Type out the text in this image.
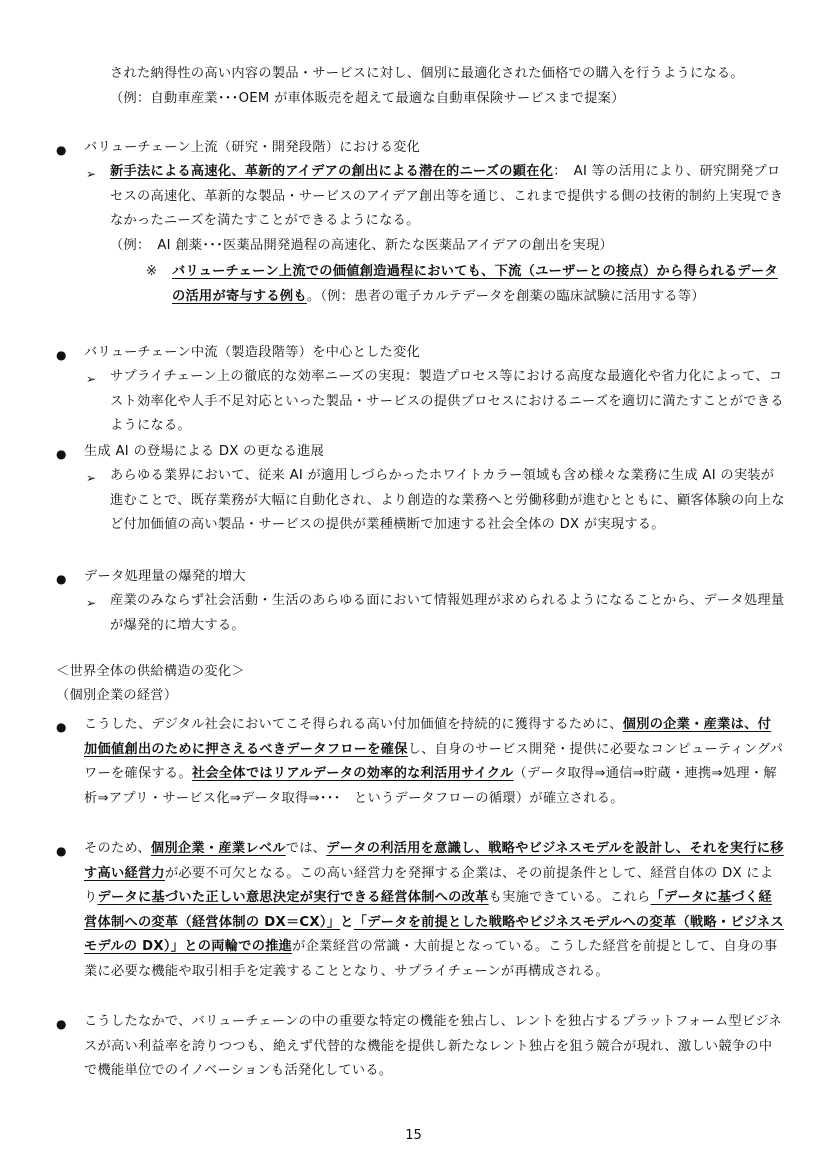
された納得性の高い内容の製品・サービスに対し、個別に最適化された価格での購入を行うようになる。

（例：自動車産業･･･OEM が車体販売を超えて最適な自動車保険サービスまで提案）

● バリューチェーン上流（研究・開発段階）における変化
➢ 新手法による高速化、革新的アイデアの創出による潜在的ニーズの顕在化：　AI 等の活用により、研究開発プロセスの高速化、革新的な製品・サービスのアイデア創出等を通じ、これまで提供する側の技術的制約上実現できなかったニーズを満たすことができるようになる。

（例：　AI 創薬･･･医薬品開発過程の高速化、新たな医薬品アイデアの創出を実現）

※ バリューチェーン上流での価値創造過程においても、下流（ユーザーとの接点）から得られるデータの活用が寄与する例も。（例：患者の電子カルテデータを創薬の臨床試験に活用する等）

● バリューチェーン中流（製造段階等）を中心とした変化
➢ サプライチェーン上の徹底的な効率ニーズの実現：製造プロセス等における高度な最適化や省力化によって、コスト効率化や人手不足対応といった製品・サービスの提供プロセスにおけるニーズを適切に満たすことができるようになる。
● 生成 AI の登場による DX の更なる進展
➢ あらゆる業界において、従来 AI が適用しづらかったホワイトカラー領域も含め様々な業務に生成 AI の実装が進むことで、既存業務が大幅に自動化され、より創造的な業務へと労働移動が進むとともに、顧客体験の向上など付加価値の高い製品・サービスの提供が業種横断で加速する社会全体の DX が実現する。
● データ処理量の爆発的増大
➢ 産業のみならず社会活動・生活のあらゆる面において情報処理が求められるようになることから、データ処理量が爆発的に増大する。
＜世界全体の供給構造の変化＞
（個別企業の経営）
● こうした、デジタル社会においてこそ得られる高い付加価値を持続的に獲得するために、個別の企業・産業は、付加価値創出のために押さえるべきデータフローを確保し、自身のサービス開発・提供に必要なコンピューティングパワーを確保する。社会全体ではリアルデータの効率的な利活用サイクル（データ取得⇒通信⇒貯蔵・連携⇒処理・解析⇒アプリ・サービス化⇒データ取得⇒･･･　というデータフローの循環）が確立される。

● そのため、個別企業・産業レベルでは、データの利活用を意識し、戦略やビジネスモデルを設計し、それを実行に移す高い経営力が必要不可欠となる。この高い経営力を発揮する企業は、その前提条件として、経営自体の DX によりデータに基づいた正しい意思決定が実行できる経営体制への改革も実施できている。これら「データに基づく経営体制への変革（経営体制の DX＝CX）」と「データを前提とした戦略やビジネスモデルへの変革（戦略・ビジネスモデルの DX）」との両輪での推進が企業経営の常識・大前提となっている。こうした経営を前提として、自身の事業に必要な機能や取引相手を定義することとなり、サプライチェーンが再構成される。

● こうしたなかで、バリューチェーンの中の重要な特定の機能を独占し、レントを独占するプラットフォーム型ビジネスが高い利益率を誇りつつも、絶えず代替的な機能を提供し新たなレント独占を狙う競合が現れ、激しい競争の中で機能単位でのイノベーションも活発化している。
15
